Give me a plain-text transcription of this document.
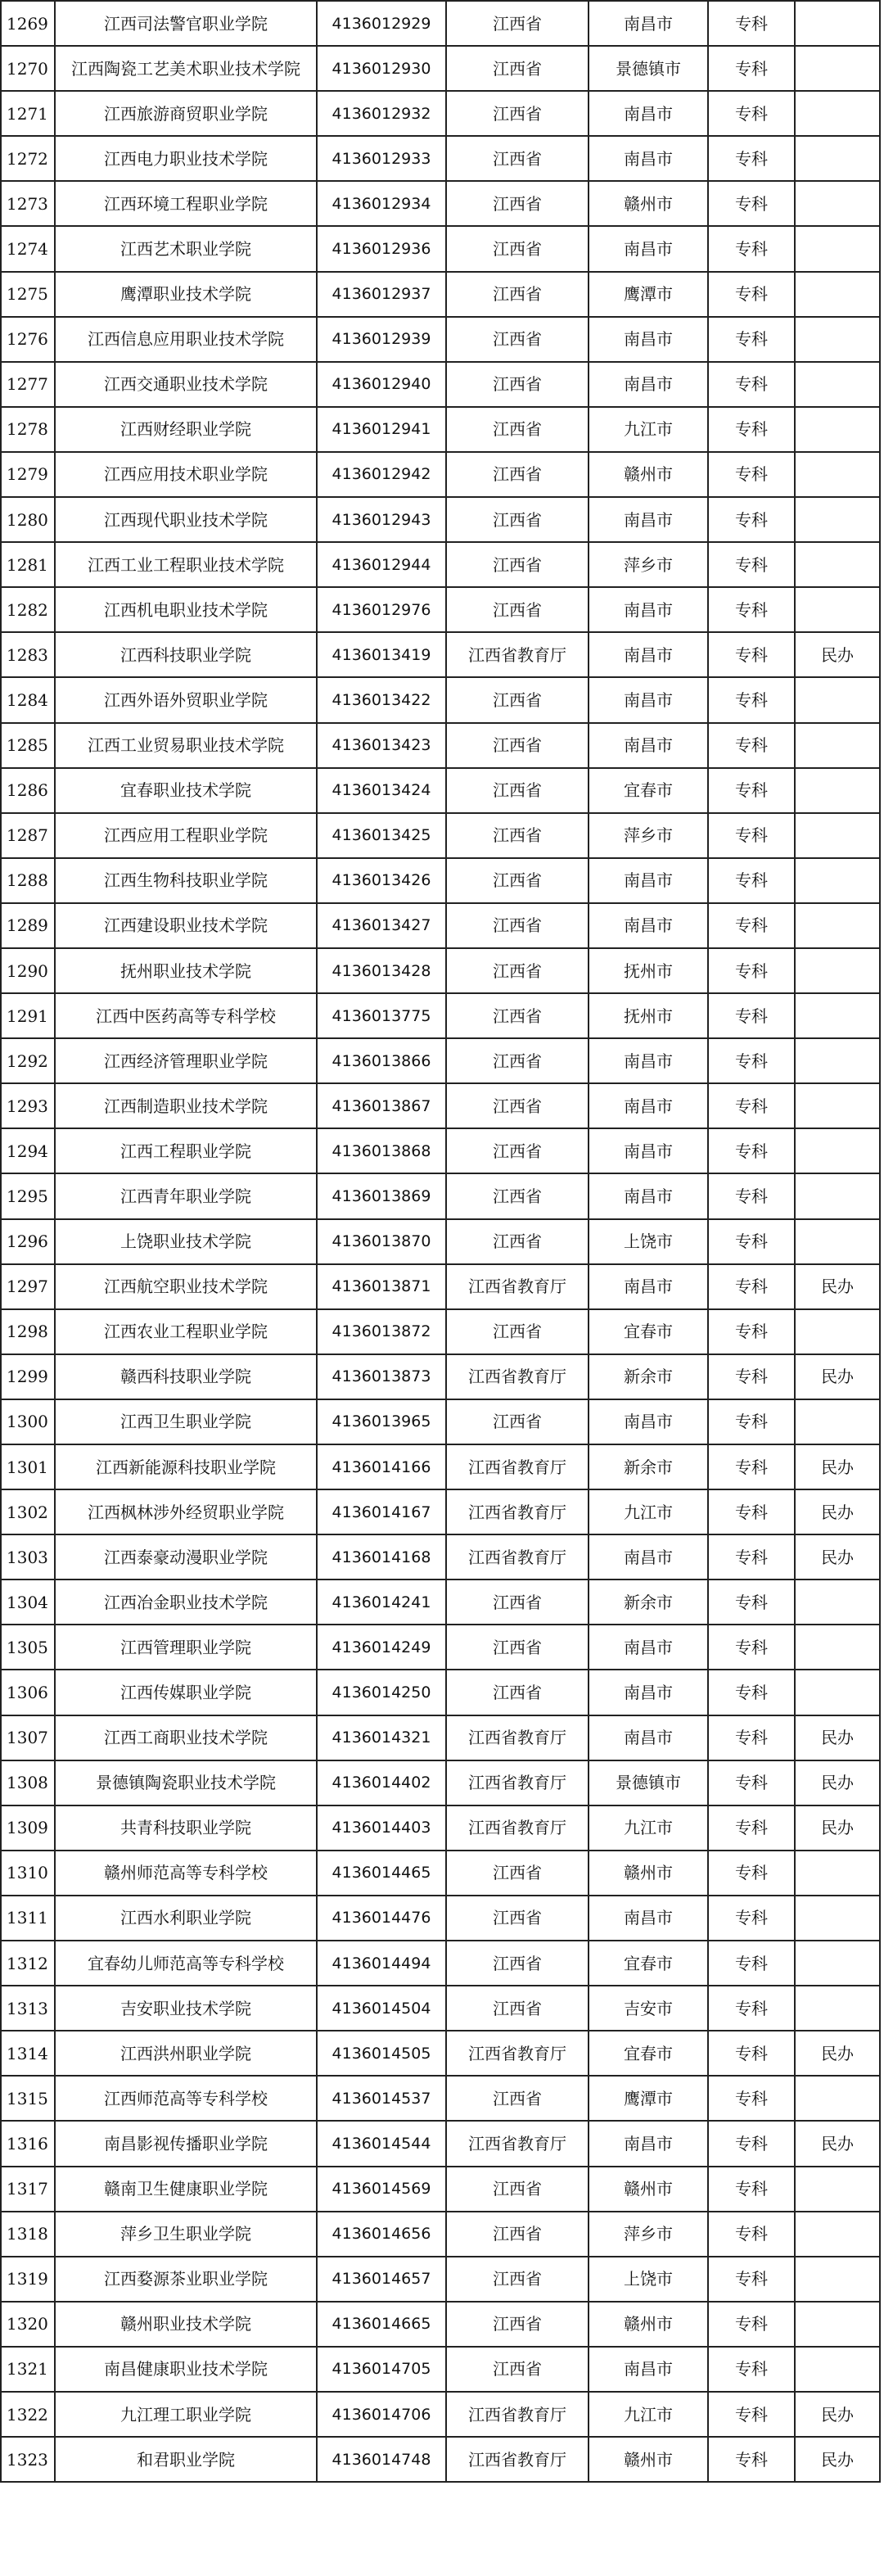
1269	江西司法警官职业学院	4136012929	江西省	南昌市	专科	
1270	江西陶瓷工艺美术职业技术学院	4136012930	江西省	景德镇市	专科	
1271	江西旅游商贸职业学院	4136012932	江西省	南昌市	专科	
1272	江西电力职业技术学院	4136012933	江西省	南昌市	专科	
1273	江西环境工程职业学院	4136012934	江西省	赣州市	专科	
1274	江西艺术职业学院	4136012936	江西省	南昌市	专科	
1275	鹰潭职业技术学院	4136012937	江西省	鹰潭市	专科	
1276	江西信息应用职业技术学院	4136012939	江西省	南昌市	专科	
1277	江西交通职业技术学院	4136012940	江西省	南昌市	专科	
1278	江西财经职业学院	4136012941	江西省	九江市	专科	
1279	江西应用技术职业学院	4136012942	江西省	赣州市	专科	
1280	江西现代职业技术学院	4136012943	江西省	南昌市	专科	
1281	江西工业工程职业技术学院	4136012944	江西省	萍乡市	专科	
1282	江西机电职业技术学院	4136012976	江西省	南昌市	专科	
1283	江西科技职业学院	4136013419	江西省教育厅	南昌市	专科	民办
1284	江西外语外贸职业学院	4136013422	江西省	南昌市	专科	
1285	江西工业贸易职业技术学院	4136013423	江西省	南昌市	专科	
1286	宜春职业技术学院	4136013424	江西省	宜春市	专科	
1287	江西应用工程职业学院	4136013425	江西省	萍乡市	专科	
1288	江西生物科技职业学院	4136013426	江西省	南昌市	专科	
1289	江西建设职业技术学院	4136013427	江西省	南昌市	专科	
1290	抚州职业技术学院	4136013428	江西省	抚州市	专科	
1291	江西中医药高等专科学校	4136013775	江西省	抚州市	专科	
1292	江西经济管理职业学院	4136013866	江西省	南昌市	专科	
1293	江西制造职业技术学院	4136013867	江西省	南昌市	专科	
1294	江西工程职业学院	4136013868	江西省	南昌市	专科	
1295	江西青年职业学院	4136013869	江西省	南昌市	专科	
1296	上饶职业技术学院	4136013870	江西省	上饶市	专科	
1297	江西航空职业技术学院	4136013871	江西省教育厅	南昌市	专科	民办
1298	江西农业工程职业学院	4136013872	江西省	宜春市	专科	
1299	赣西科技职业学院	4136013873	江西省教育厅	新余市	专科	民办
1300	江西卫生职业学院	4136013965	江西省	南昌市	专科	
1301	江西新能源科技职业学院	4136014166	江西省教育厅	新余市	专科	民办
1302	江西枫林涉外经贸职业学院	4136014167	江西省教育厅	九江市	专科	民办
1303	江西泰豪动漫职业学院	4136014168	江西省教育厅	南昌市	专科	民办
1304	江西冶金职业技术学院	4136014241	江西省	新余市	专科	
1305	江西管理职业学院	4136014249	江西省	南昌市	专科	
1306	江西传媒职业学院	4136014250	江西省	南昌市	专科	
1307	江西工商职业技术学院	4136014321	江西省教育厅	南昌市	专科	民办
1308	景德镇陶瓷职业技术学院	4136014402	江西省教育厅	景德镇市	专科	民办
1309	共青科技职业学院	4136014403	江西省教育厅	九江市	专科	民办
1310	赣州师范高等专科学校	4136014465	江西省	赣州市	专科	
1311	江西水利职业学院	4136014476	江西省	南昌市	专科	
1312	宜春幼儿师范高等专科学校	4136014494	江西省	宜春市	专科	
1313	吉安职业技术学院	4136014504	江西省	吉安市	专科	
1314	江西洪州职业学院	4136014505	江西省教育厅	宜春市	专科	民办
1315	江西师范高等专科学校	4136014537	江西省	鹰潭市	专科	
1316	南昌影视传播职业学院	4136014544	江西省教育厅	南昌市	专科	民办
1317	赣南卫生健康职业学院	4136014569	江西省	赣州市	专科	
1318	萍乡卫生职业学院	4136014656	江西省	萍乡市	专科	
1319	江西婺源茶业职业学院	4136014657	江西省	上饶市	专科	
1320	赣州职业技术学院	4136014665	江西省	赣州市	专科	
1321	南昌健康职业技术学院	4136014705	江西省	南昌市	专科	
1322	九江理工职业学院	4136014706	江西省教育厅	九江市	专科	民办
1323	和君职业学院	4136014748	江西省教育厅	赣州市	专科	民办
